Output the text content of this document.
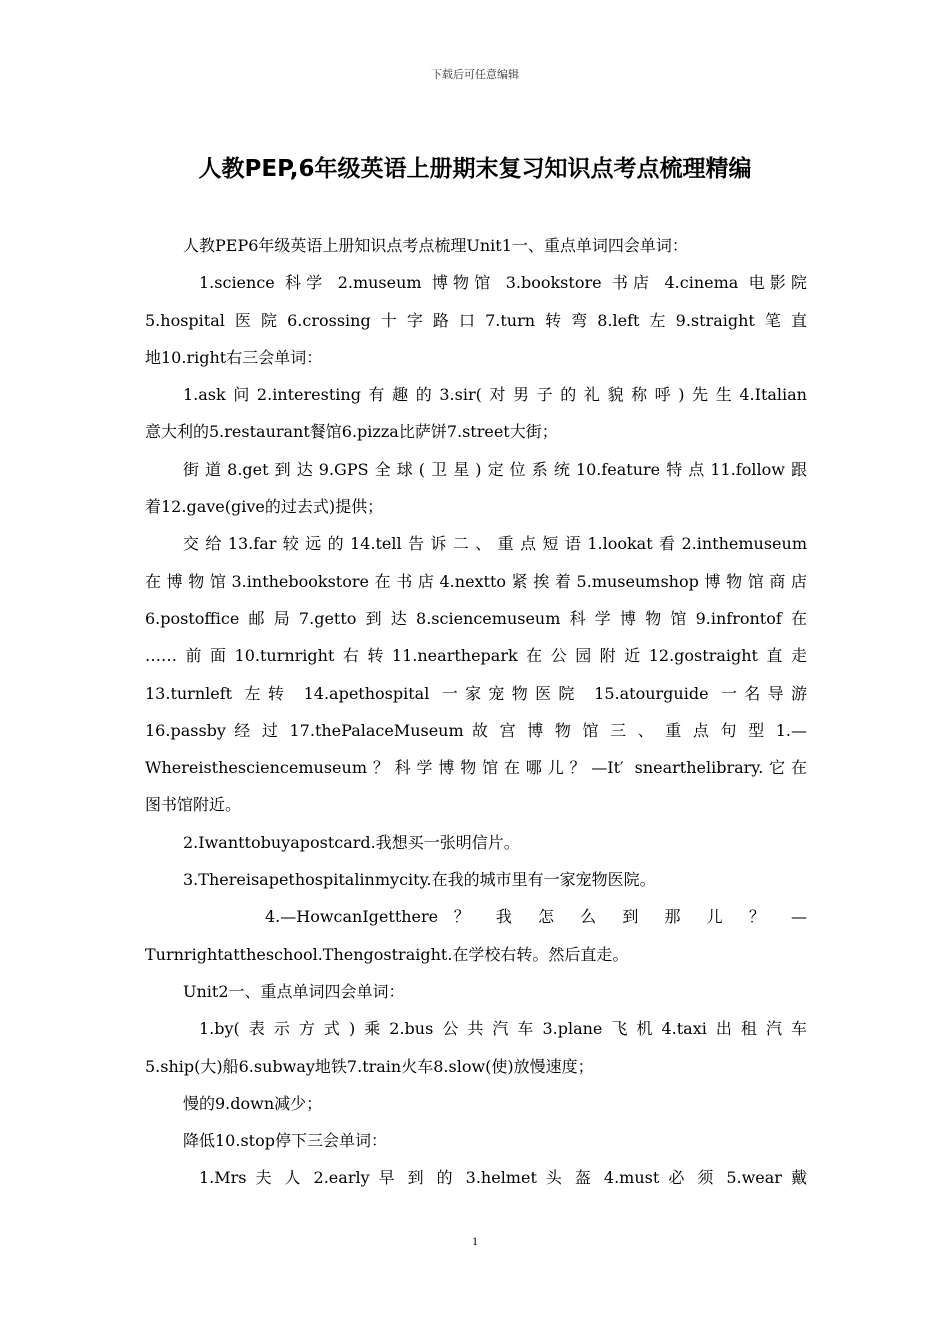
下载后可任意编辑
人教PEP,6年级英语上册期末复习知识点考点梳理精编
人教PEP6年级英语上册知识点考点梳理Unit1一、重点单词四会单词：
1.science 科学 2.museum 博物馆 3.bookstore 书店 4.cinema 电影院
5.hospital医院6.crossing十字路口7.turn转弯8.left左9.straight笔直
地10.right右三会单词：
1.ask问2.interesting有趣的3.sir(对男子的礼貌称呼)先生4.Italian
意大利的5.restaurant餐馆6.pizza比萨饼7.street大街；
街道8.get到达9.GPS全球(卫星)定位系统10.feature特点11.follow跟
着12.gave(give的过去式)提供；
交给13.far较远的14.tell告诉二、重点短语1.lookat看2.inthemuseum
在博物馆3.inthebookstore在书店4.nextto紧挨着5.museumshop博物馆商店
6.postoffice邮局7.getto到达8.sciencemuseum科学博物馆9.infrontof在
……前面10.turnright右转11.nearthepark在公园附近12.gostraight直走
13.turnleft 左转 14.apethospital 一家宠物医院 15.atourguide 一名导游
16.passby 经 过 17.thePalaceMuseum 故 宫 博 物 馆 三 、 重 点 句 型 1.—
Whereisthesciencemuseum？科学博物馆在哪儿？—It′ snearthelibrary.它在
图书馆附近。
2.Iwanttobuyapostcard.我想买一张明信片。
3.Thereisapethospitalinmycity.在我的城市里有一家宠物医院。
4.—HowcanIgetthere ？ 我 怎 么 到 那 儿 ？ —
Turnrightattheschool.Thengostraight.在学校右转。然后直走。
Unit2一、重点单词四会单词：
1.by(表示方式)乘2.bus公共汽车3.plane飞机4.taxi出租汽车
5.ship(大)船6.subway地铁7.train火车8.slow(使)放慢速度；
慢的9.down减少；
降低10.stop停下三会单词：
1.Mrs 夫 人 2.early 早 到 的 3.helmet 头 盔 4.must 必 须 5.wear 戴
1
